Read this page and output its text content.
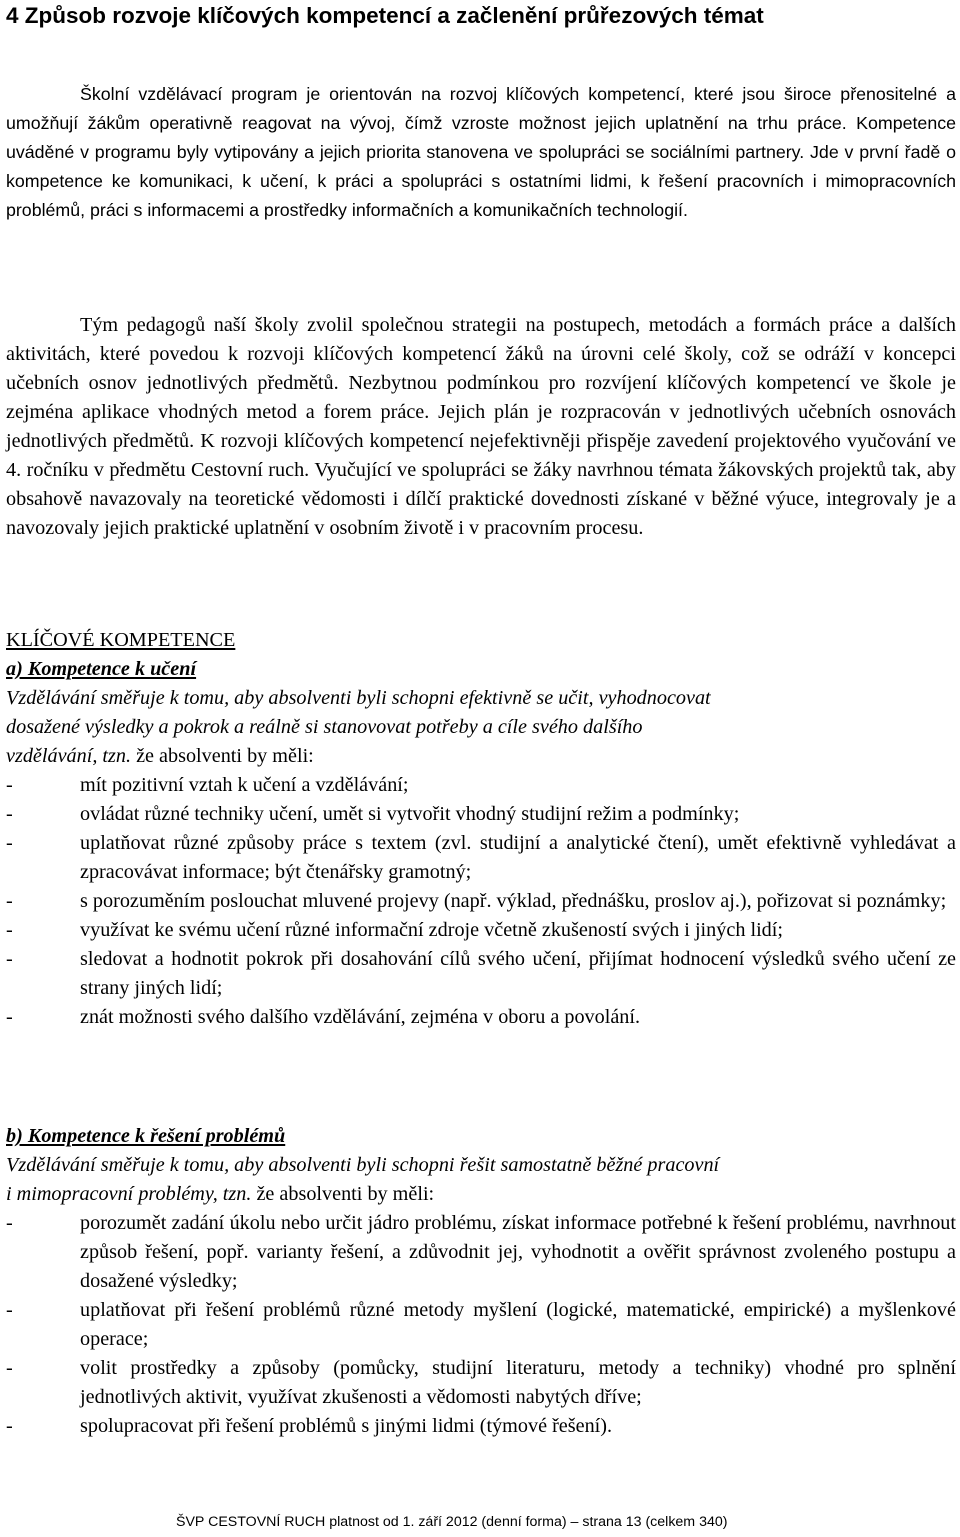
4 Způsob rozvoje klíčových kompetencí a začlenění průřezových témat

Školní vzdělávací program je orientován na rozvoj klíčových kompetencí, které jsou široce přenositelné a umožňují žákům operativně reagovat na vývoj, čímž vzroste možnost jejich uplatnění na trhu práce. Kompetence uváděné v programu byly vytipovány a jejich priorita stanovena ve spolupráci se sociálními partnery. Jde v první řadě o kompetence ke komunikaci, k učení, k práci a spolupráci s ostatními lidmi, k řešení pracovních i mimopracovních problémů, práci s informacemi a prostředky informačních a komunikačních technologií.

Tým pedagogů naší školy zvolil společnou strategii na postupech, metodách a formách práce a dalších aktivitách, které povedou k rozvoji klíčových kompetencí žáků na úrovni celé školy, což se odráží v koncepci učebních osnov jednotlivých předmětů. Nezbytnou podmínkou pro rozvíjení klíčových kompetencí ve škole je zejména aplikace vhodných metod a forem práce. Jejich plán je rozpracován v jednotlivých učebních osnovách jednotlivých předmětů. K rozvoji klíčových kompetencí nejefektivněji přispěje zavedení projektového vyučování ve 4. ročníku v předmětu Cestovní ruch. Vyučující ve spolupráci se žáky navrhnou témata žákovských projektů tak, aby obsahově navazovaly na teoretické vědomosti i dílčí praktické dovednosti získané v běžné výuce, integrovaly je a navozovaly jejich praktické uplatnění v osobním životě i v pracovním procesu.

KLÍČOVÉ KOMPETENCE
a) Kompetence k učení
Vzdělávání směřuje k tomu, aby absolventi byli schopni efektivně se učit, vyhodnocovat
dosažené výsledky a pokrok a reálně si stanovovat potřeby a cíle svého dalšího
vzdělávání, tzn. že absolventi by měli:
-	mít pozitivní vztah k učení a vzdělávání;
-	ovládat různé techniky učení, umět si vytvořit vhodný studijní režim a podmínky;
-	uplatňovat různé způsoby práce s textem (zvl. studijní a analytické čtení), umět efektivně vyhledávat a zpracovávat informace; být čtenářsky gramotný;
-	s porozuměním poslouchat mluvené projevy (např. výklad, přednášku, proslov aj.), pořizovat si poznámky;
-	využívat ke svému učení různé informační zdroje včetně zkušeností svých i jiných lidí;
-	sledovat a hodnotit pokrok při dosahování cílů svého učení, přijímat hodnocení výsledků svého učení ze strany jiných lidí;
-	znát možnosti svého dalšího vzdělávání, zejména v oboru a povolání.
b) Kompetence k řešení problémů
Vzdělávání směřuje k tomu, aby absolventi byli schopni řešit samostatně běžné pracovní
i mimopracovní problémy, tzn. že absolventi by měli:
-	porozumět zadání úkolu nebo určit jádro problému, získat informace potřebné k řešení problému, navrhnout způsob řešení, popř. varianty řešení, a zdůvodnit jej, vyhodnotit a ověřit správnost zvoleného postupu a dosažené výsledky;
-	uplatňovat při řešení problémů různé metody myšlení (logické, matematické, empirické) a myšlenkové operace;
-	volit prostředky a způsoby (pomůcky, studijní literaturu, metody a techniky) vhodné pro splnění jednotlivých aktivit, využívat zkušenosti a vědomosti nabytých dříve;
-	spolupracovat při řešení problémů s jinými lidmi (týmové řešení).
ŠVP CESTOVNÍ RUCH platnost od 1. září 2012 (denní forma) – strana 13 (celkem 340)
